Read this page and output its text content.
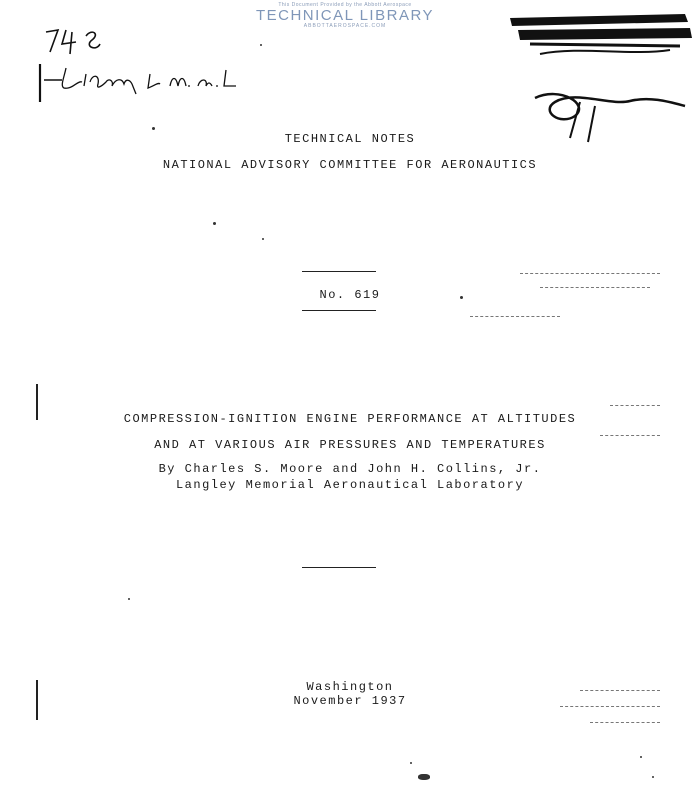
This Document Provided by the Abbott Aerospace
TECHNICAL LIBRARY
ABBOTTAEROSPACE.COM
TECHNICAL NOTES
NATIONAL ADVISORY COMMITTEE FOR AERONAUTICS
No. 619
COMPRESSION-IGNITION ENGINE PERFORMANCE AT ALTITUDES
AND AT VARIOUS AIR PRESSURES AND TEMPERATURES
By Charles S. Moore and John H. Collins, Jr.
Langley Memorial Aeronautical Laboratory
Washington
November 1937
